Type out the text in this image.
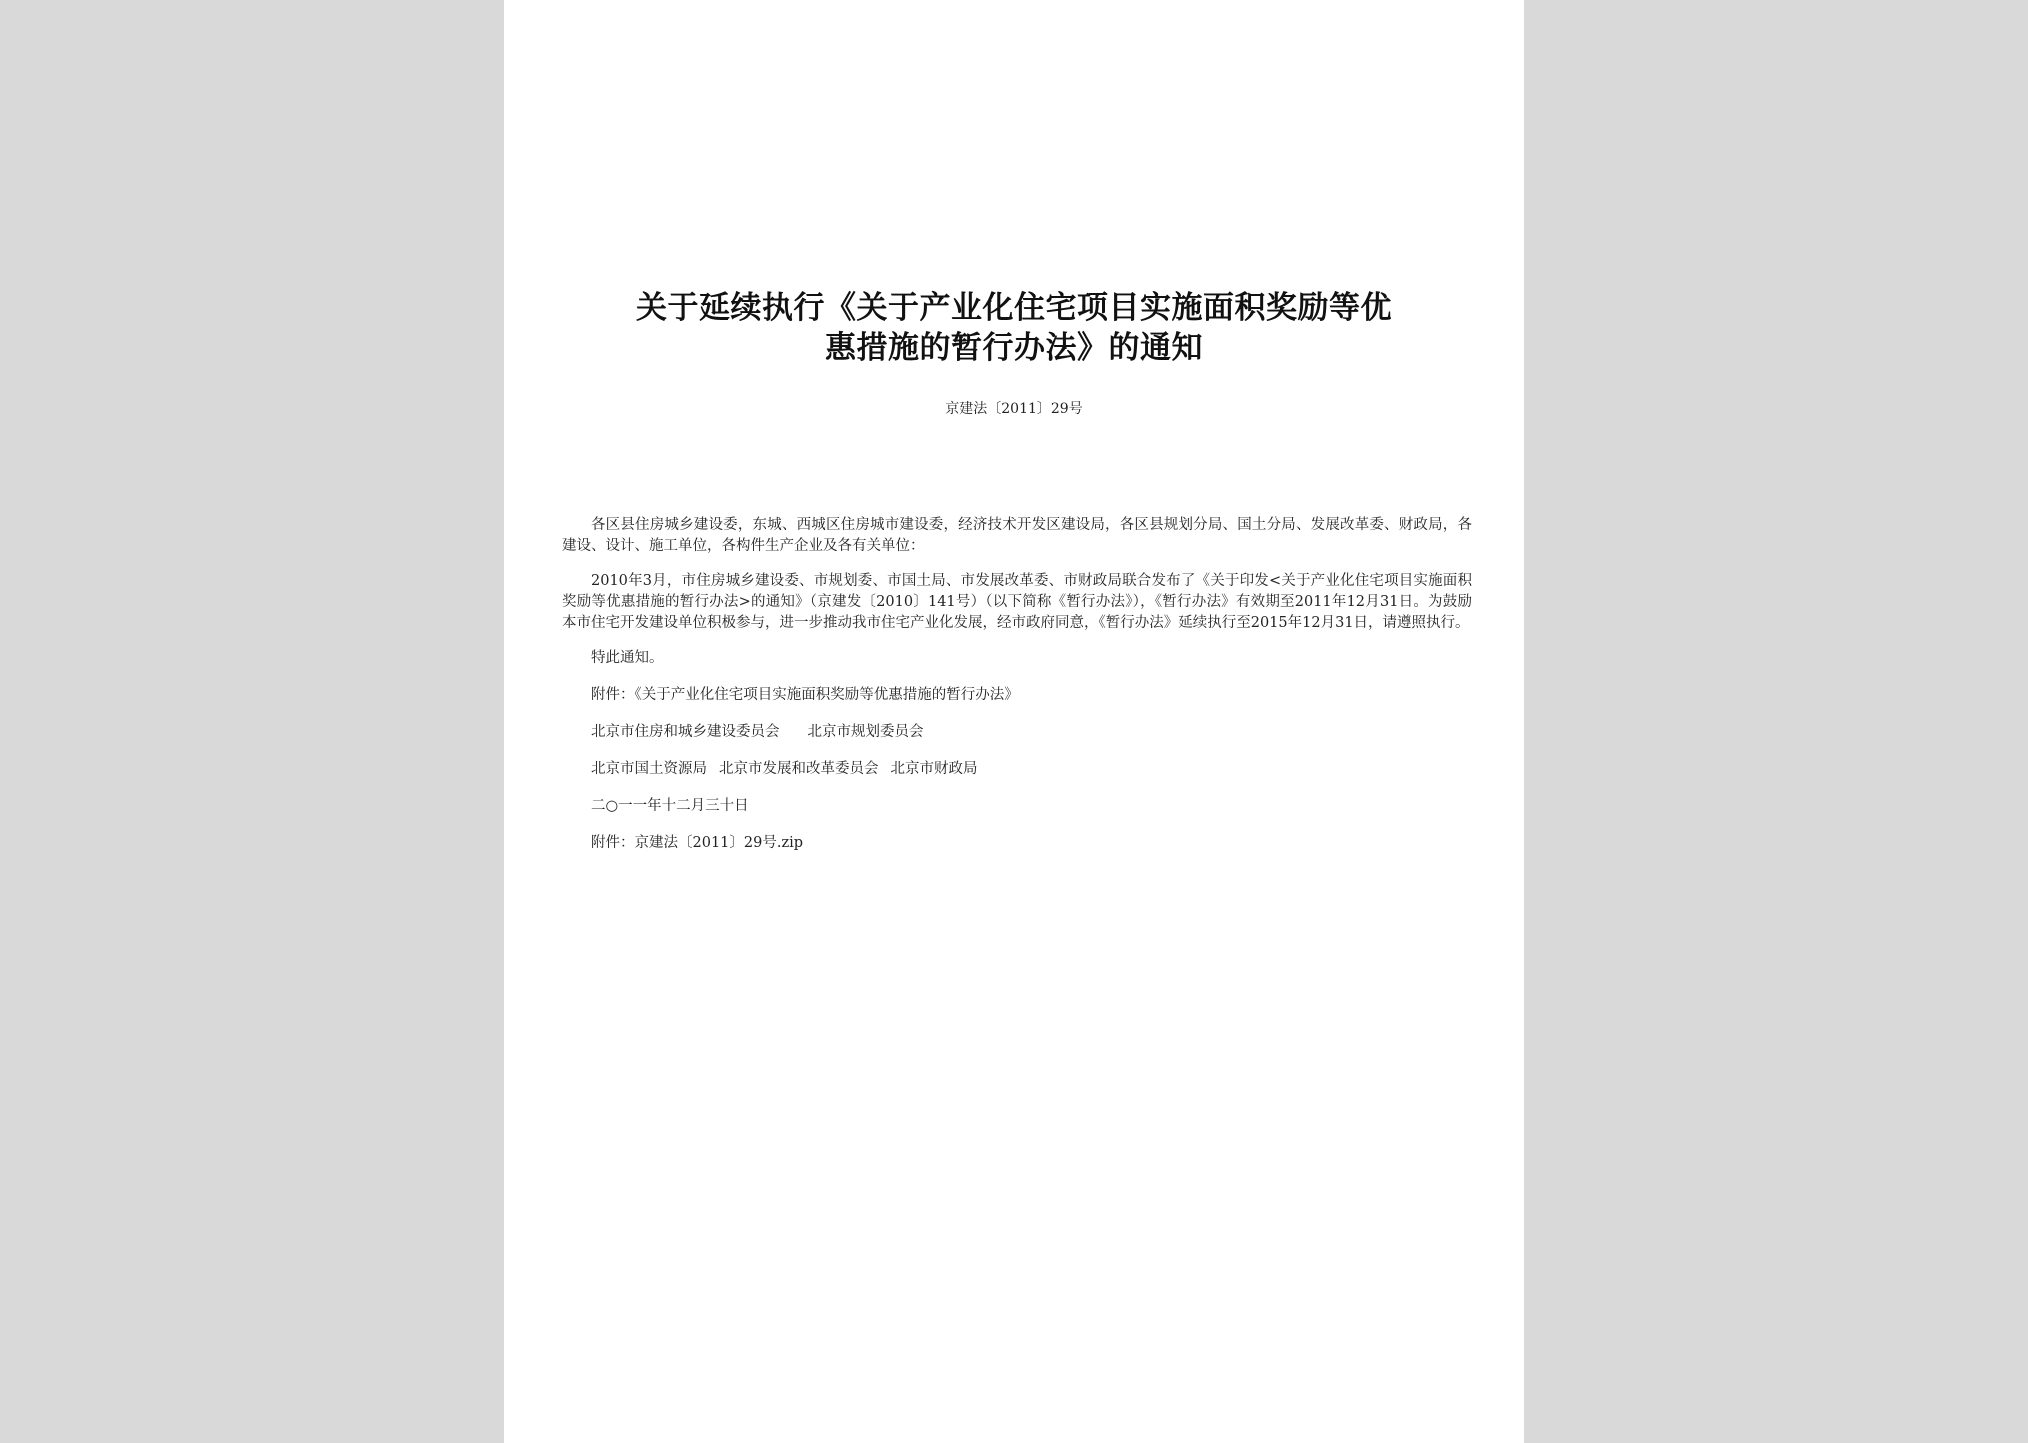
关于延续执行《关于产业化住宅项目实施面积奖励等优
惠措施的暂行办法》的通知
京建法〔2011〕29号

各区县住房城乡建设委，东城、西城区住房城市建设委，经济技术开发区建设局，各区县规划分局、国土分局、发展改革委、财政局，各建设、设计、施工单位，各构件生产企业及各有关单位：

2010年3月，市住房城乡建设委、市规划委、市国土局、市发展改革委、市财政局联合发布了《关于印发<关于产业化住宅项目实施面积奖励等优惠措施的暂行办法>的通知》（京建发〔2010〕141号）（以下简称《暂行办法》），《暂行办法》有效期至2011年12月31日。为鼓励本市住宅开发建设单位积极参与，进一步推动我市住宅产业化发展，经市政府同意，《暂行办法》延续执行至2015年12月31日，请遵照执行。

特此通知。

附件：《关于产业化住宅项目实施面积奖励等优惠措施的暂行办法》

北京市住房和城乡建设委员会 北京市规划委员会

北京市国土资源局 北京市发展和改革委员会 北京市财政局

二○一一年十二月三十日

附件：京建法〔2011〕29号.zip
